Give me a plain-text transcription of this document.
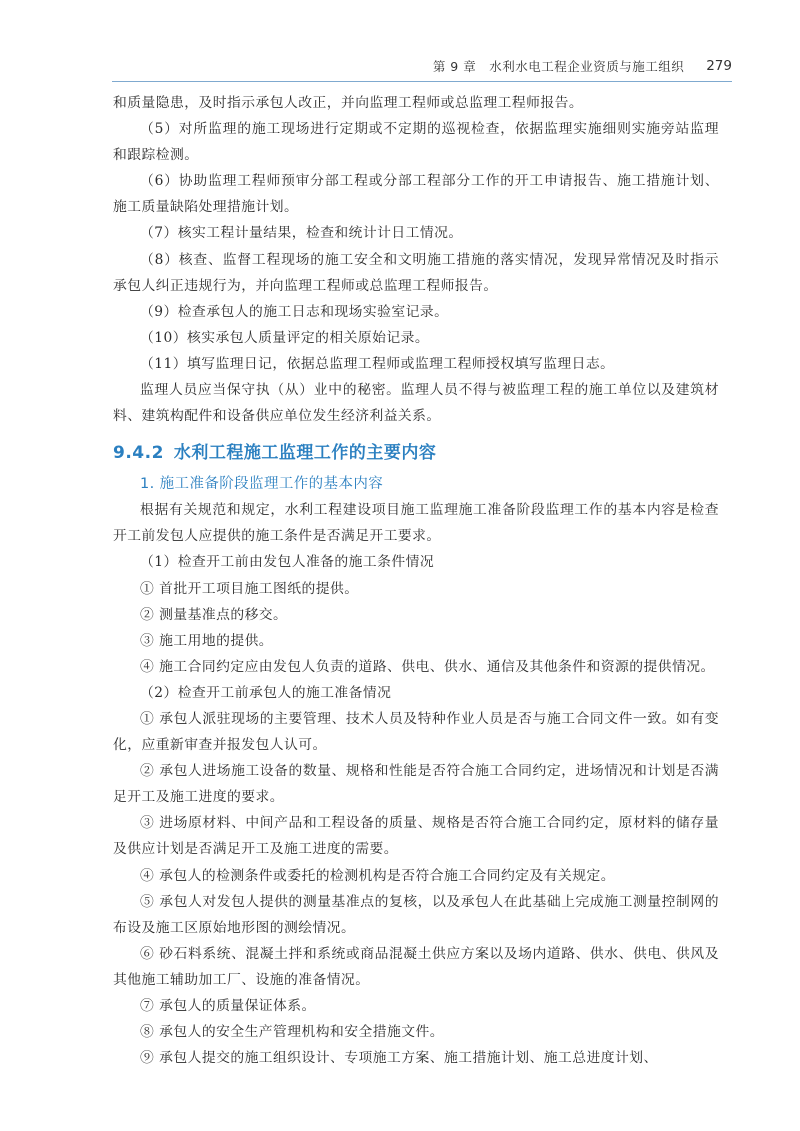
第 9 章　水利水电工程企业资质与施工组织 279

和质量隐患，及时指示承包人改正，并向监理工程师或总监理工程师报告。

（5）对所监理的施工现场进行定期或不定期的巡视检查，依据监理实施细则实施旁站监理和跟踪检测。

（6）协助监理工程师预审分部工程或分部工程部分工作的开工申请报告、施工措施计划、施工质量缺陷处理措施计划。

（7）核实工程计量结果，检查和统计计日工情况。

（8）核查、监督工程现场的施工安全和文明施工措施的落实情况，发现异常情况及时指示承包人纠正违规行为，并向监理工程师或总监理工程师报告。

（9）检查承包人的施工日志和现场实验室记录。

（10）核实承包人质量评定的相关原始记录。

（11）填写监理日记，依据总监理工程师或监理工程师授权填写监理日志。

监理人员应当保守执（从）业中的秘密。监理人员不得与被监理工程的施工单位以及建筑材料、建筑构配件和设备供应单位发生经济利益关系。

9.4.2 水利工程施工监理工作的主要内容

1. 施工准备阶段监理工作的基本内容

根据有关规范和规定，水利工程建设项目施工监理施工准备阶段监理工作的基本内容是检查开工前发包人应提供的施工条件是否满足开工要求。

（1）检查开工前由发包人准备的施工条件情况

① 首批开工项目施工图纸的提供。

② 测量基准点的移交。

③ 施工用地的提供。

④ 施工合同约定应由发包人负责的道路、供电、供水、通信及其他条件和资源的提供情况。

（2）检查开工前承包人的施工准备情况

① 承包人派驻现场的主要管理、技术人员及特种作业人员是否与施工合同文件一致。如有变化，应重新审查并报发包人认可。

② 承包人进场施工设备的数量、规格和性能是否符合施工合同约定，进场情况和计划是否满足开工及施工进度的要求。

③ 进场原材料、中间产品和工程设备的质量、规格是否符合施工合同约定，原材料的储存量及供应计划是否满足开工及施工进度的需要。

④ 承包人的检测条件或委托的检测机构是否符合施工合同约定及有关规定。

⑤ 承包人对发包人提供的测量基准点的复核，以及承包人在此基础上完成施工测量控制网的布设及施工区原始地形图的测绘情况。

⑥ 砂石料系统、混凝土拌和系统或商品混凝土供应方案以及场内道路、供水、供电、供风及其他施工辅助加工厂、设施的准备情况。

⑦ 承包人的质量保证体系。

⑧ 承包人的安全生产管理机构和安全措施文件。

⑨ 承包人提交的施工组织设计、专项施工方案、施工措施计划、施工总进度计划、
